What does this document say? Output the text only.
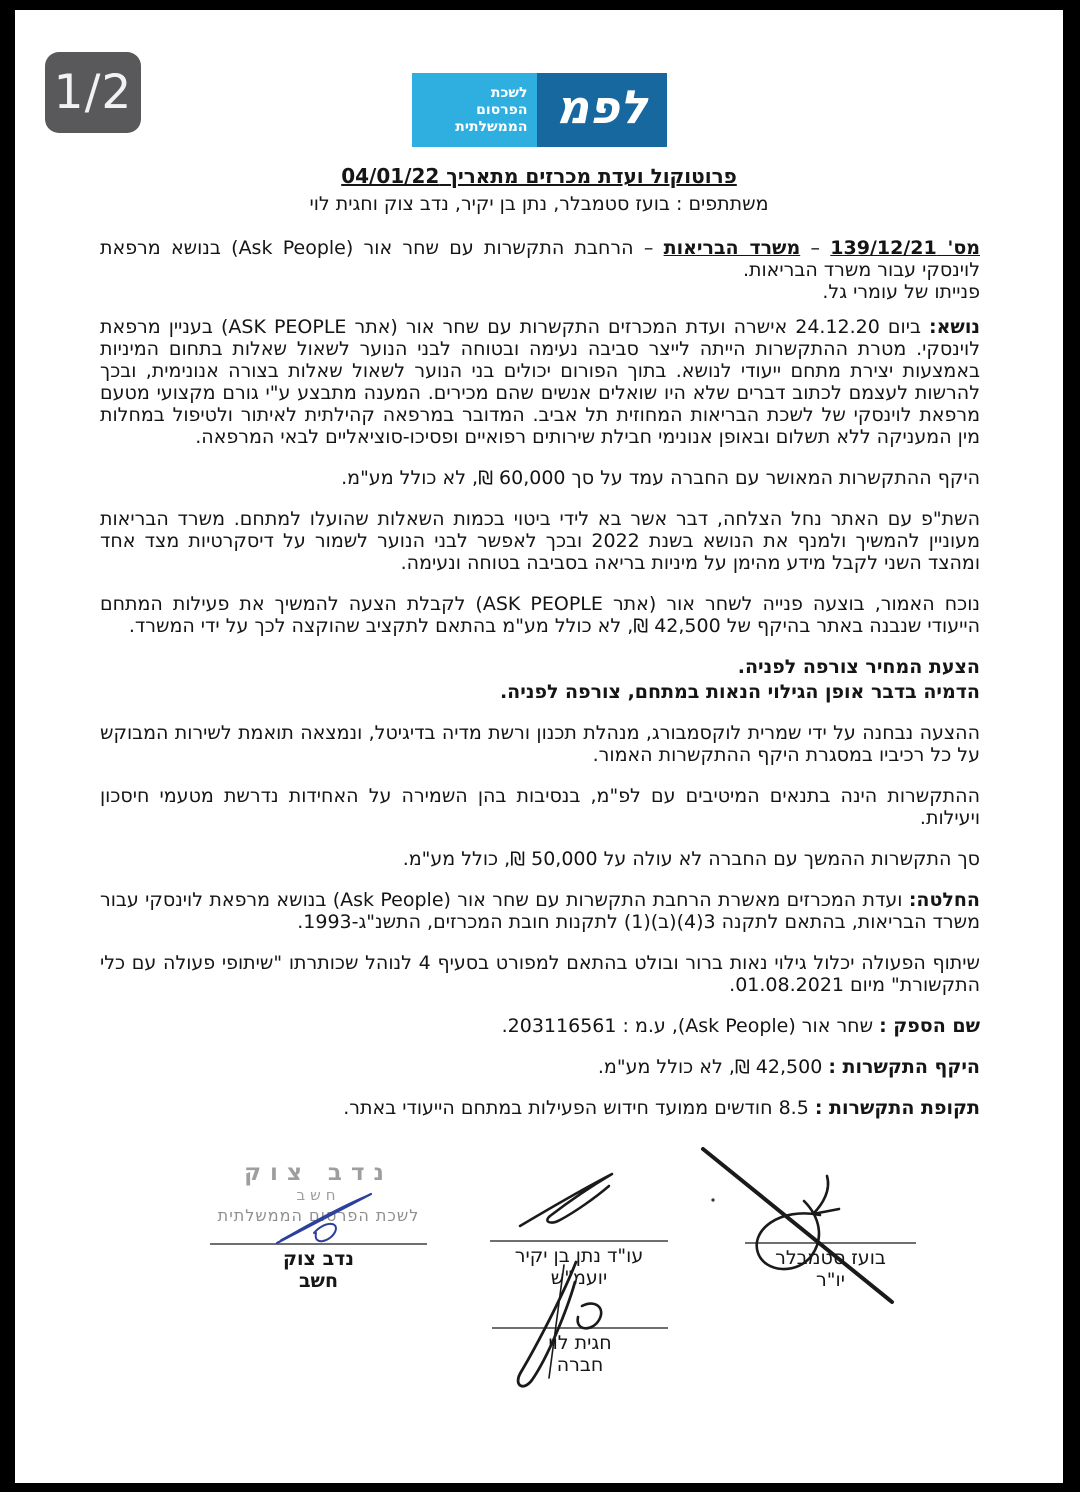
1/2	לשכת
הפרסום
הממשלתית לפמ
פרוטוקול ועדת מכרזים מתאריך 04/01/22
משתתפים : בועז סטמבלר, נתן בן יקיר, נדב צוק וחגית לוי

מס' 139/12/21 – משרד הבריאות – הרחבת התקשרות עם שחר אור (Ask People) בנושא מרפאת לוינסקי עבור משרד הבריאות.

פנייתו של עומרי גל.

נושא: ביום 24.12.20 אישרה ועדת המכרזים התקשרות עם שחר אור (אתר ASK PEOPLE) בעניין מרפאת לוינסקי. מטרת ההתקשרות הייתה לייצר סביבה נעימה ובטוחה לבני הנוער לשאול שאלות בתחום המיניות באמצעות יצירת מתחם ייעודי לנושא. בתוך הפורום יכולים בני הנוער לשאול שאלות בצורה אנונימית, ובכך להרשות לעצמם לכתוב דברים שלא היו שואלים אנשים שהם מכירים. המענה מתבצע ע"י גורם מקצועי מטעם מרפאת לוינסקי של לשכת הבריאות המחוזית תל אביב. המדובר במרפאה קהילתית לאיתור ולטיפול במחלות מין המעניקה ללא תשלום ובאופן אנונימי חבילת שירותים רפואיים ופסיכו-סוציאליים לבאי המרפאה.

היקף ההתקשרות המאושר עם החברה עמד על סך 60,000 ₪, לא כולל מע"מ.

השת"פ עם האתר נחל הצלחה, דבר אשר בא לידי ביטוי בכמות השאלות שהועלו למתחם. משרד הבריאות מעוניין להמשיך ולמנף את הנושא בשנת 2022 ובכך לאפשר לבני הנוער לשמור על דיסקרטיות מצד אחד ומהצד השני לקבל מידע מהימן על מיניות בריאה בסביבה בטוחה ונעימה.

נוכח האמור, בוצעה פנייה לשחר אור (אתר ASK PEOPLE) לקבלת הצעה להמשיך את פעילות המתחם הייעודי שנבנה באתר בהיקף של 42,500 ₪, לא כולל מע"מ בהתאם לתקציב שהוקצה לכך על ידי המשרד.

הצעת המחיר צורפה לפניה.

הדמיה בדבר אופן הגילוי הנאות במתחם, צורפה לפניה.

ההצעה נבחנה על ידי שמרית לוקסמבורג, מנהלת תכנון ורשת מדיה בדיגיטל, ונמצאה תואמת לשירות המבוקש על כל רכיביו במסגרת היקף ההתקשרות האמור.

ההתקשרות הינה בתנאים המיטיבים עם לפ"מ, בנסיבות בהן השמירה על האחידות נדרשת מטעמי חיסכון ויעילות.

סך התקשרות ההמשך עם החברה לא עולה על 50,000 ₪, כולל מע"מ.

החלטה: ועדת המכרזים מאשרת הרחבת התקשרות עם שחר אור (Ask People) בנושא מרפאת לוינסקי עבור משרד הבריאות, בהתאם לתקנה 3(4)(ב)(1) לתקנות חובת המכרזים, התשנ"ג-1993.

שיתוף הפעולה יכלול גילוי נאות ברור ובולט בהתאם למפורט בסעיף 4 לנוהל שכותרתו "שיתופי פעולה עם כלי התקשורת" מיום 01.08.2021.

שם הספק : שחר אור (Ask People), ע.מ : 203116561.

היקף התקשרות : 42,500 ₪, לא כולל מע"מ.

תקופת התקשרות : 8.5 חודשים ממועד חידוש הפעילות במתחם הייעודי באתר.

נדב צוק
חשב
לשכת הפרסום הממשלתית
נדב צוק
חשב
עו"ד נתן בן יקיר
יועמ"ש
בועז סטמבלר
יו"ר
חגית לוי
חברה
